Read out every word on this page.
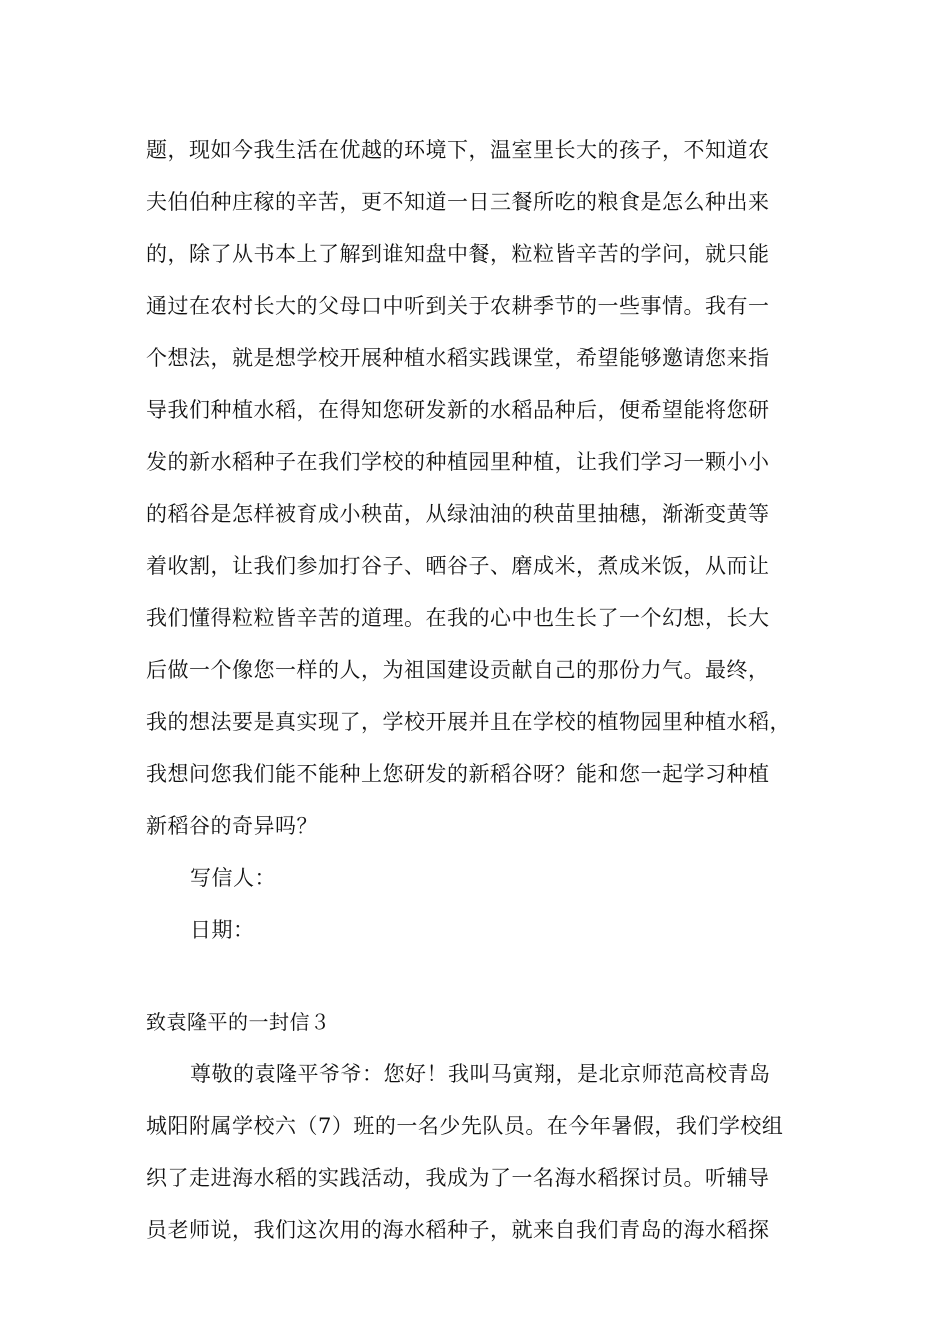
题，现如今我生活在优越的环境下，温室里长大的孩子，不知道农
夫伯伯种庄稼的辛苦，更不知道一日三餐所吃的粮食是怎么种出来
的，除了从书本上了解到谁知盘中餐，粒粒皆辛苦的学问，就只能
通过在农村长大的父母口中听到关于农耕季节的一些事情。我有一
个想法，就是想学校开展种植水稻实践课堂，希望能够邀请您来指
导我们种植水稻，在得知您研发新的水稻品种后，便希望能将您研
发的新水稻种子在我们学校的种植园里种植，让我们学习一颗小小
的稻谷是怎样被育成小秧苗，从绿油油的秧苗里抽穗，渐渐变黄等
着收割，让我们参加打谷子、晒谷子、磨成米，煮成米饭，从而让
我们懂得粒粒皆辛苦的道理。在我的心中也生长了一个幻想，长大
后做一个像您一样的人，为祖国建设贡献自己的那份力气。最终，
我的想法要是真实现了，学校开展并且在学校的植物园里种植水稻，
我想问您我们能不能种上您研发的新稻谷呀？能和您一起学习种植
新稻谷的奇异吗？
写信人：
日期：
致袁隆平的一封信３
尊敬的袁隆平爷爷：您好！我叫马寅翔，是北京师范高校青岛
城阳附属学校六（7）班的一名少先队员。在今年暑假，我们学校组
织了走进海水稻的实践活动，我成为了一名海水稻探讨员。听辅导
员老师说，我们这次用的海水稻种子，就来自我们青岛的海水稻探
